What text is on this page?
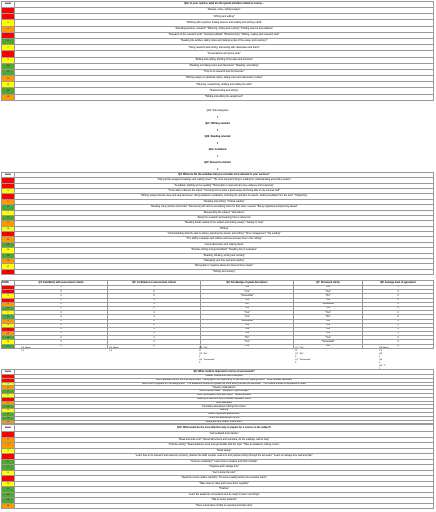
RANK	Q2a: In your opinion, what are the typical activities related to course...
1	"Essays, notes, writing essays"
2	"Writing and editing"
3	"Working with a partner, finding sources and reading and writing a draft"
4	"Attending lectures, research" "Planning, writing and revising" "Finding sources and citations"
5	"Research of the research work" "Getting feedback" "Brainstorming" "Writing, reading and research work"
6	"Reading the articles, taking notes and making a plan of the essay, and revising it"
7	"Doing research and writing, discussing with classmates and tutors"
8	"Presentations and group work"
9	"Writing and editing, thinking of the topic and structure"
10	"Reading and taking notes and discussion" "Reading, note taking"
11	"How to do research and find sources"
12	"Writing essays on particular topics, taking notes and discussion in class"
13	"Planning, researching, drafting and editing the work"
14	"Brainstorming and writing"
15	"Writing and editing the assignment"
Q2b: Sub-categories
3
Q2c: Writing-oriented
8
Q2d: Reading-oriented
5
Q2e: Combined
2
Q2f: Research-oriented
2
RANK	Q3: What are the the activities that you consider most relevant to your success?
1	"Doing all the assigned readings and making notes" "The most important thing is reading for understanding and writing clearly"
2	"Feedback, drafting and re-reading" "Being able to read well and use evidence and reasoning"
3	"To be able to discuss the topics" "Knowing how to write a good essay and being able to cite sources well"
4	"Writing essays that are clear and well-structured. Using academic vocabulary. Including the opinions of experts. Getting feedback from the tutor" "Organizing"
5	"Reading and writing" "Critical reading"
6	"Reading many articles and books" "Discussing with others and asking tutors for help when needed" "Being organised and planning ahead"
7	"Researching the subject" "Attendance"
8	"Doing the research and learning how to reference"
9	"Reading books related to the subject and writing essays" "Asking for help"
10	"Writing"
11	"Understanding what the task is asking, planning the answer and writing" "Time management" "Re-reading"
12	"The ability to analyse and criticise sources and use them in the writing"
13	"Group discussion and sharing ideas"
14	"Practise writing and get feedback" "Reading lots of examples"
15	"Reading, thinking, writing and revising"
16	"Managing your time well and reading"
17	"Being able to organise ideas and present them clearly"
18	"Writing and revising"
RANK	Q4: Familiarity with assessment criteria	Q5: Confidence in assessment criteria	Q6: Knowledge of grade descriptors	Q7: Perceived clarity	Q8: Average level of agreement
1	1	1	"Yes"	"Yes"	1
2	2	2	"Yes"	"Yes"	2
3	1	2	"Somewhat"	"No"	1
4	2	1	"Yes"	"Yes"	2
5	1	1	"No"	"Somewhat"	1
6	2	2	"Yes"	"Yes"	2
7	1	1	"Yes"	"Yes"	1
8	2	1	"Yes"	"No"	2
9	1	2	"Somewhat"	"Yes"	1
10	2	2	"Yes"	"Yes"	2
11	1	1	"Yes"	"Yes"	1
12	1	2	"Yes"	"Yes"	1
13	2	1	"No"	"Yes"	2
14	1	1	"Yes"	"Somewhat"	1
15	2	2	"Yes"	"Yes"	2
Q4: Mean	Q5: Mean	Q6: "Yes"	Q7: "Yes"	Q8: Mean
1.5	1.5	11	11	1.5
Q6: "No"	Q7: "No"	Q8
2	2	1
Q6: "Somewhat"	Q7: "Somewhat"	Q8
2	2	2
Q8: "7"
1
RANK	Q9: What could be improved in terms of assessment?
1	"Clearer criteria and more examples"
2	"More feedback before the final submission" "Being given the opportunity to see how the marking works" "More detailed feedback"
3	"More time to prepare for the assignment" "The deadlines should be spread out more evenly across the semester" "The criteria should be explained in class"
4	"Clearer explanations"
5	"More practice tasks" "Samples of good essays"
6	"More consultation time with tutors" "Model answers"
7	"Marking should be more consistent between tutors"
8	"More feedback"
9	"Formative assessment during the course"
10	"Nothing"
11	"Better organised assessment"
12	"I think the assessment is fine"
13	"Examples and clearer instructions"
RANK	Q10: What would be the most effective way to prepare for a course on the subject?
1	"Get feedback and practise"
2	"Read and write a lot" "Attend all lectures and seminars, do the readings, ask for help"
3	"Practise writing" "Read academic texts and get familiar with the style" "Take an academic writing course"
4	"Read widely"
5	"Learn how to do research and reference properly, practise the skills needed, read a lot and practise writing through the semester" "Learn to manage time well and plan"
6	"Improve vocabulary" "Learn how to analyse and think critically"
7	"Organise and manage time"
8	"Get to know the tutor"
9	"Read the course outline carefully" "Do some reading before the semester starts"
10	"Take notes in class and review them regularly"
11	"Practise"
12	"Learn the academic conventions and be ready to learn new things"
13	"Talk to senior students"
14	"Have a clear idea of what is expected and start early"
